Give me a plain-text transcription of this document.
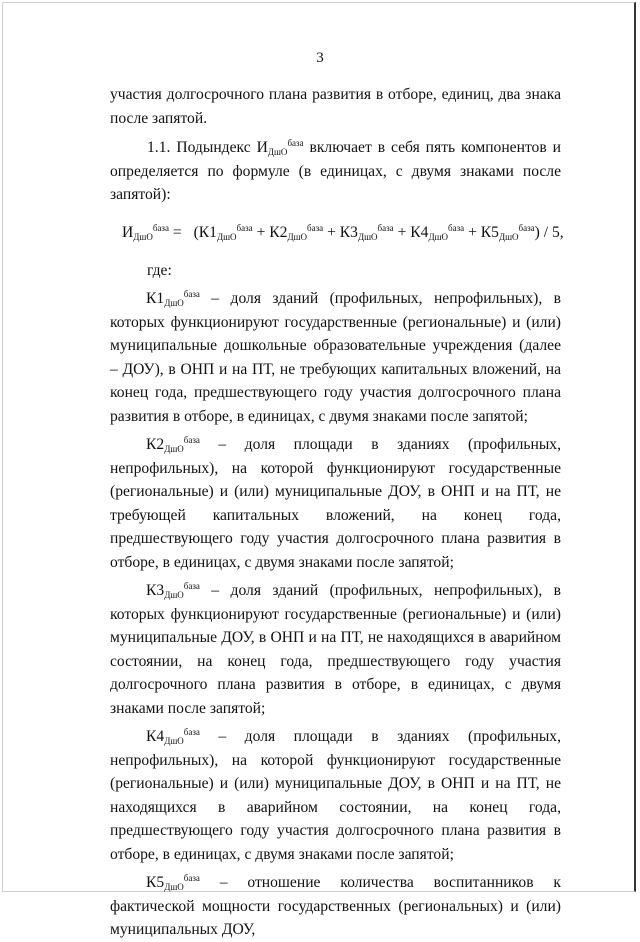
3

участия долгосрочного плана развития в отборе, единиц, два знака после запятой.

1.1. Подындекс $И_{ДшО}^{база}$ включает в себя пять компонентов и определяется по формуле (в единицах, с двумя знаками после запятой):

$И_{ДшО}^{база} = (К1_{ДшО}^{база} + К2_{ДшО}^{база} + К3_{ДшО}^{база} + К4_{ДшО}^{база} + К5_{ДшО}^{база}) / 5$,

где:

$К1_{ДшО}^{база}$ – доля зданий (профильных, непрофильных), в которых функционируют государственные (региональные) и (или) муниципальные дошкольные образовательные учреждения (далее – ДОУ), в ОНП и на ПТ, не требующих капитальных вложений, на конец года, предшествующего году участия долгосрочного плана развития в отборе, в единицах, с двумя знаками после запятой;

$К2_{ДшО}^{база}$ – доля площади в зданиях (профильных, непрофильных), на которой функционируют государственные (региональные) и (или) муниципальные ДОУ, в ОНП и на ПТ, не требующей капитальных вложений, на конец года, предшествующего году участия долгосрочного плана развития в отборе, в единицах, с двумя знаками после запятой;

$К3_{ДшО}^{база}$ – доля зданий (профильных, непрофильных), в которых функционируют государственные (региональные) и (или) муниципальные ДОУ, в ОНП и на ПТ, не находящихся в аварийном состоянии, на конец года, предшествующего году участия долгосрочного плана развития в отборе, в единицах, с двумя знаками после запятой;

$К4_{ДшО}^{база}$ – доля площади в зданиях (профильных, непрофильных), на которой функционируют государственные (региональные) и (или) муниципальные ДОУ, в ОНП и на ПТ, не находящихся в аварийном состоянии, на конец года, предшествующего году участия долгосрочного плана развития в отборе, в единицах, с двумя знаками после запятой;

$К5_{ДшО}^{база}$ – отношение количества воспитанников к фактической мощности государственных (региональных) и (или) муниципальных ДОУ,
